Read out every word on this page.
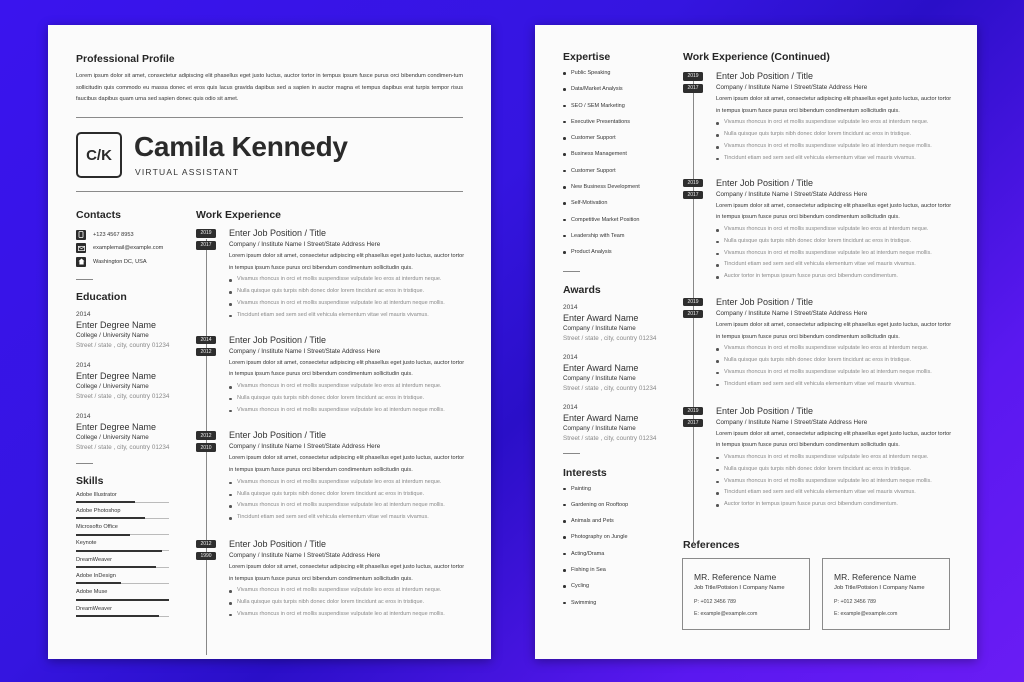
Professional Profile
Lorem ipsum dolor sit amet, consectetur adipiscing elit phasellus eget justo luctus, auctor tortor in tempus ipsum fusce purus orci bibendum condimen-tum sollicitudin quis commodo eu massa donec et eros quis lacus gravida dapibus sed a sapien in auctor magna et tempus dapibus erat turpis tempor risus faucibus dapibus quam urna sed sapien donec quis odio sit amet.
C/K Camila Kennedy
VIRTUAL ASSISTANT
Contacts
+123 4567 8953
examplemail@example.com
Washington DC, USA
Education
2014
Enter Degree Name
College / University Name
Street / state , city, country 01234
2014
Enter Degree Name
College / University Name
Street / state , city, country 01234
2014
Enter Degree Name
College / University Name
Street / state , city, country 01234
Skills
Adobe Illustrator
Adobe Photoshop
Microsofto Office
Keynote
DreamWeaver
Adobe InDesign
Adobe Muse
DreamWeaver
Work Experience
2019
2017
Enter Job Position / Title
Company / Institute Name I Street/State Address Here
Lorem ipsum dolor sit amet, consectetur adipiscing elit phasellus eget justo luctus, auctor tortor in tempus ipsum fusce purus orci bibendum condimentum sollicitudin quis.
Vivamus rhoncus in orci et mollis suspendisse vulputate leo eros at interdum neque.
Nulla quisque quis turpis nibh donec dolor lorem tincidunt ac eros in tristique.
Vivamus rhoncus in orci et mollis suspendisse vulputate leo at interdum neque mollis.
Tincidunt etiam sed sem sed elit vehicula elementum vitae vel mauris vivamus.
2014
2012
Enter Job Position / Title
Company / Institute Name I Street/State Address Here
Lorem ipsum dolor sit amet, consectetur adipiscing elit phasellus eget justo luctus, auctor tortor in tempus ipsum fusce purus orci bibendum condimentum sollicitudin quis.
Vivamus rhoncus in orci et mollis suspendisse vulputate leo eros at interdum neque.
Nulla quisque quis turpis nibh donec dolor lorem tincidunt ac eros in tristique.
Vivamus rhoncus in orci et mollis suspendisse vulputate leo at interdum neque mollis.
2012
2010
Enter Job Position / Title
Company / Institute Name I Street/State Address Here
Lorem ipsum dolor sit amet, consectetur adipiscing elit phasellus eget justo luctus, auctor tortor in tempus ipsum fusce purus orci bibendum condimentum sollicitudin quis.
Vivamus rhoncus in orci et mollis suspendisse vulputate leo eros at interdum neque.
Nulla quisque quis turpis nibh donec dolor lorem tincidunt ac eros in tristique.
Vivamus rhoncus in orci et mollis suspendisse vulputate leo at interdum neque mollis.
Tincidunt etiam sed sem sed elit vehicula elementum vitae vel mauris vivamus.
2012
1990
Enter Job Position / Title
Company / Institute Name I Street/State Address Here
Lorem ipsum dolor sit amet, consectetur adipiscing elit phasellus eget justo luctus, auctor tortor in tempus ipsum fusce purus orci bibendum condimentum sollicitudin quis.
Vivamus rhoncus in orci et mollis suspendisse vulputate leo eros at interdum neque.
Nulla quisque quis turpis nibh donec dolor lorem tincidunt ac eros in tristique.
Vivamus rhoncus in orci et mollis suspendisse vulputate leo at interdum neque mollis.
Expertise
Public Speaking
Data/Market Analysis
SEO / SEM Marketing
Executive Presentations
Customer Support
Business Management
Customer Support
New Business Development
Self-Motivation
Competitive Market Position
Leadership with Team
Product Analysis
Awards
2014
Enter Award Name
Company / Institute Name
Street / state , city, country 01234
2014
Enter Award Name
Company / Institute Name
Street / state , city, country 01234
2014
Enter Award Name
Company / Institute Name
Street / state , city, country 01234
Interests
Painting
Gardening on Rooftoop
Animals and Pets
Photography on Jungle
Acting/Drama
Fishing in Sea
Cycling
Swimming
Work Experience (Continued)
2019
2017
Enter Job Position / Title
Company / Institute Name I Street/State Address Here
Lorem ipsum dolor sit amet, consectetur adipiscing elit phasellus eget justo luctus, auctor tortor in tempus ipsum fusce purus orci bibendum condimentum sollicitudin quis.
Vivamus rhoncus in orci et mollis suspendisse vulputate leo eros at interdum neque.
Nulla quisque quis turpis nibh donec dolor lorem tincidunt ac eros in tristique.
Vivamus rhoncus in orci et mollis suspendisse vulputate leo at interdum neque mollis.
Tincidunt etiam sed sem sed elit vehicula elementum vitae vel mauris vivamus.
2019
2017
Enter Job Position / Title
Company / Institute Name I Street/State Address Here
Lorem ipsum dolor sit amet, consectetur adipiscing elit phasellus eget justo luctus, auctor tortor in tempus ipsum fusce purus orci bibendum condimentum sollicitudin quis.
Vivamus rhoncus in orci et mollis suspendisse vulputate leo eros at interdum neque.
Nulla quisque quis turpis nibh donec dolor lorem tincidunt ac eros in tristique.
Vivamus rhoncus in orci et mollis suspendisse vulputate leo at interdum neque mollis.
Tincidunt etiam sed sem sed elit vehicula elementum vitae vel mauris vivamus.
Auctor tortor in tempus ipsum fusce purus orci bibendum condimentum.
2019
2017
Enter Job Position / Title
Company / Institute Name I Street/State Address Here
Lorem ipsum dolor sit amet, consectetur adipiscing elit phasellus eget justo luctus, auctor tortor in tempus ipsum fusce purus orci bibendum condimentum sollicitudin quis.
Vivamus rhoncus in orci et mollis suspendisse vulputate leo eros at interdum neque.
Nulla quisque quis turpis nibh donec dolor lorem tincidunt ac eros in tristique.
Vivamus rhoncus in orci et mollis suspendisse vulputate leo at interdum neque mollis.
Tincidunt etiam sed sem sed elit vehicula elementum vitae vel mauris vivamus.
2019
2017
Enter Job Position / Title
Company / Institute Name I Street/State Address Here
Lorem ipsum dolor sit amet, consectetur adipiscing elit phasellus eget justo luctus, auctor tortor in tempus ipsum fusce purus orci bibendum condimentum sollicitudin quis.
Vivamus rhoncus in orci et mollis suspendisse vulputate leo eros at interdum neque.
Nulla quisque quis turpis nibh donec dolor lorem tincidunt ac eros in tristique.
Vivamus rhoncus in orci et mollis suspendisse vulputate leo at interdum neque mollis.
Tincidunt etiam sed sem sed elit vehicula elementum vitae vel mauris vivamus.
Auctor tortor in tempus ipsum fusce purus orci bibendum condimentum.
References
MR. Reference Name
Job Title/Potision I Company Name
P: +012 3456 789
E: example@example.com
MR. Reference Name
Job Title/Potision I Company Name
P: +012 3456 789
E: example@example.com
